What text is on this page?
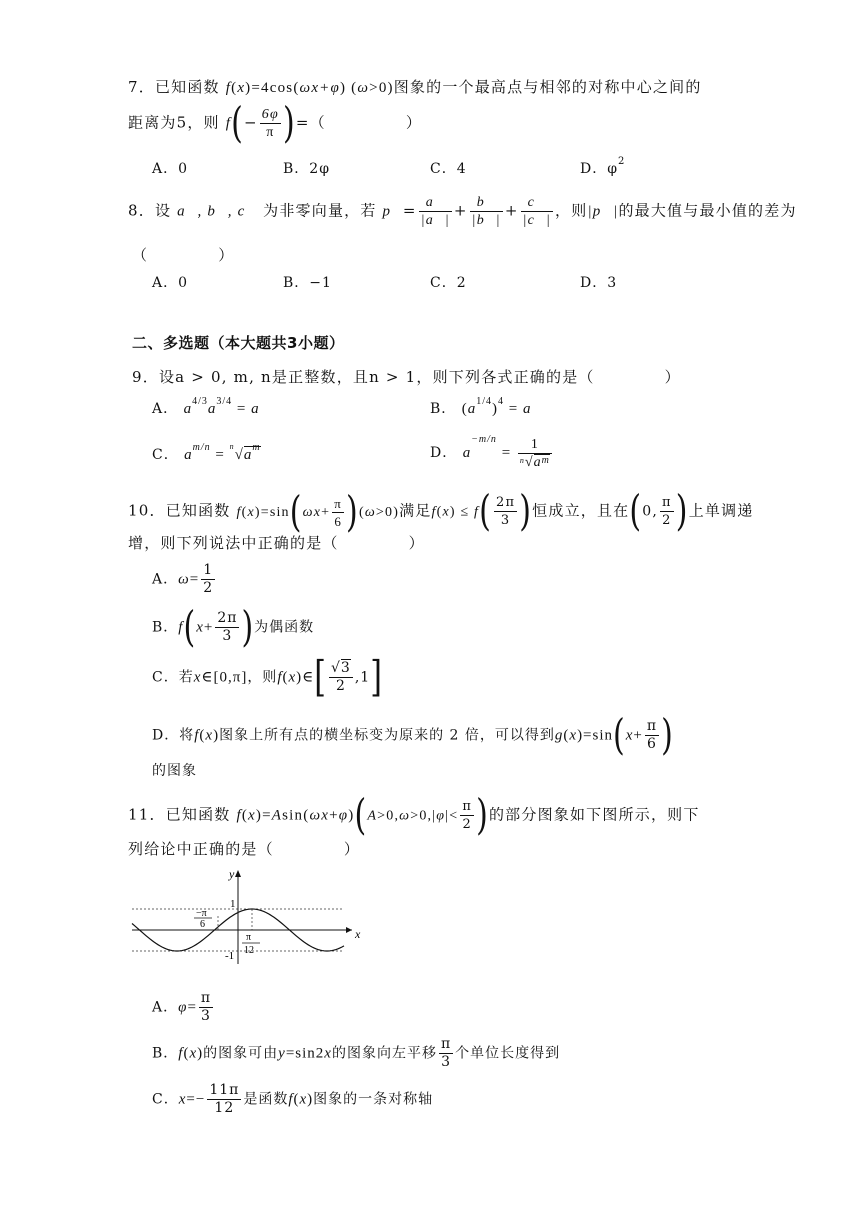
7．已知函数 f(x)=4cos(ωx+φ) (ω>0)图象的一个最高点与相邻的对称中心之间的
距离为5，则 $f(- \frac{6\varphi}{\pi}$ )=（	）
A．0	B．2φ	C．4	D．$\varphi^2$
8．设 a⃗, b⃗, c⃗ 为非零向量，若 p⃗= $\frac{a⃗}{|a⃗|} + \frac{b⃗}{|b⃗|} + \frac{c⃗}{|c⃗|}$ ，则|p⃗|的最大值与最小值的差为
（	）
A．0	B．−1	C．2	D．3
二、多选题（本大题共3小题）
9．设a > 0, m, n是正整数，且n > 1，则下列各式正确的是（	）
A． $a^{4/3}a^{3/4} = a$	B． $(a^{1/4})^4 = a$
C． $a^{m/n} = ^n√a^m$	D． $a^{-m/n} = \frac{1}{^n√a^m}$
10．已知函数 $f(x)=\sin(\omega x+ \frac{\pi}{6} )(\omega>0)$满足$f(x) \le f( \frac{2\pi}{3}$ )恒成立，且在(0, $\frac{\pi}{2}$ )上单调递
增，则下列说法中正确的是（	）
A．$\omega= \frac{1}{2}$
B．$f(x+ \frac{2\pi}{3}$ )为偶函数
C．若x∈[0,π]，则f(x)∈[ $\frac{√3}{2} ,1$]
D．将f(x)图象上所有点的横坐标变为原来的 2 倍，可以得到$g(x)=\sin(x+ \frac{\pi}{6}$ )
的图象
11．已知函数 $f(x)=Asin(\omega x+\varphi)(A>0,\omega>0,|\varphi|< \frac{\pi}{2}$ )的部分图象如下图所示，则下
列给论中正确的是（	）
y
x
1
-1
−π
6
π
12
A．$\varphi= \frac{\pi}{3}$
B．f(x)的图象可由y=sin2x的图象向左平移 $\frac{\pi}{3}$ 个单位长度得到
C．$x=- \frac{11\pi}{12}$ 是函数f(x)图象的一条对称轴
